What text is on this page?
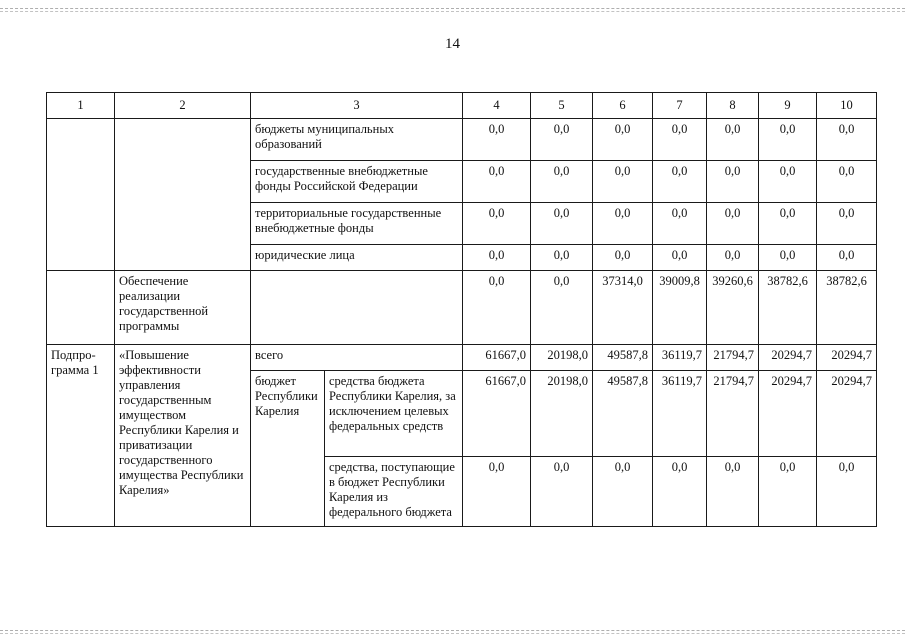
14
1	2	3		4	5	6	7	8	9	10
		бюджеты муниципальных образований		0,0	0,0	0,0	0,0	0,0	0,0	0,0
		государственные внебюджетные фонды Российской Федерации		0,0	0,0	0,0	0,0	0,0	0,0	0,0
		территориальные государственные внебюджетные фонды		0,0	0,0	0,0	0,0	0,0	0,0	0,0
		юридические лица		0,0	0,0	0,0	0,0	0,0	0,0	0,0
	Обеспечение реализации государственной программы			0,0	0,0	37314,0	39009,8	39260,6	38782,6	38782,6
Подпро-грамма 1	«Повышение эффективности управления государственным имуществом Республики Карелия и приватизации государственного имущества Республики Карелия»	всего		61667,0	20198,0	49587,8	36119,7	21794,7	20294,7	20294,7
		бюджет Республики Карелия	средства бюджета Республики Карелия, за исключением целевых федеральных средств	61667,0	20198,0	49587,8	36119,7	21794,7	20294,7	20294,7
			средства, поступающие в бюджет Республики Карелия из федерального бюджета	0,0	0,0	0,0	0,0	0,0	0,0	0,0
